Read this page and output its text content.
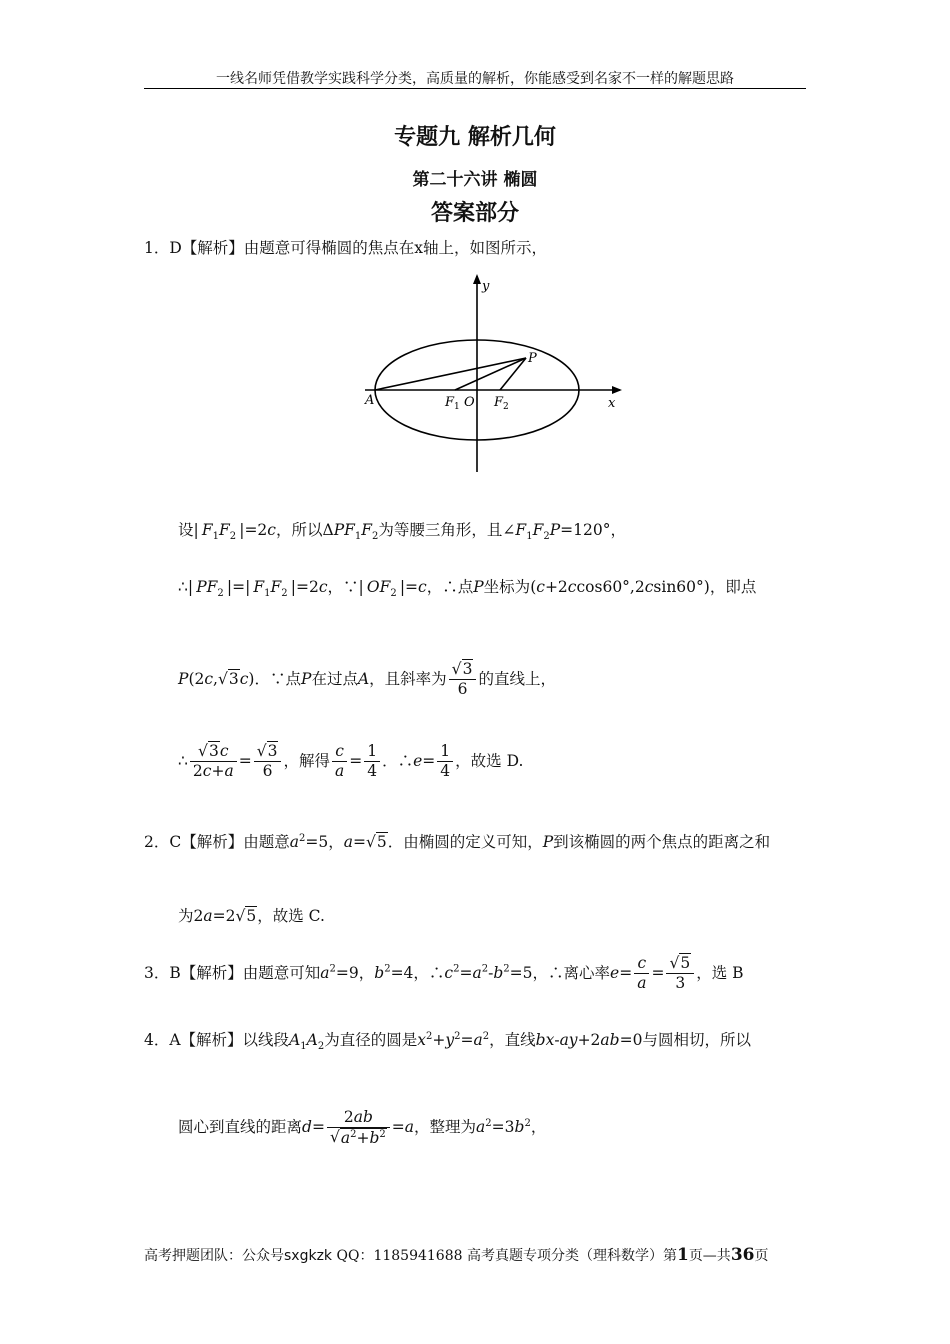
一线名师凭借教学实践科学分类，高质量的解析，你能感受到名家不一样的解题思路
专题九 解析几何
第二十六讲 椭圆
答案部分
1．D【解析】由题意可得椭圆的焦点在x轴上，如图所示，
y
x
A
P
F 1 O F 2
设| $F_1F_2$ |=2c，所以$\Delta PF_1F_2$为等腰三角形，且$\angle F_1F_2P=120^\circ$，
∴| $PF_2$ |=| $F_1F_2$ |=2c，∵| $OF_2$ |=c，∴点P坐标为(c+2ccos60°,2csin60°)，即点
P(2c,√3c)．∵点P在过点A，且斜率为 $\frac{√3}{6}$ 的直线上，
∴ $\frac{√3c}{2c+a} = \frac{√3}{6}$ ，解得 $\frac{c}{a} = \frac{1}{4}$ ．∴e= $\frac{1}{4}$ ，故选 D.
2．C【解析】由题意$a^2=5$，a=√5．由椭圆的定义可知，P到该椭圆的两个焦点的距离之和
为2a=2√5，故选 C.
3．B【解析】由题意可知$a^2=9$，$b^2=4$，$\therefore c^2=a^2-b^2=5$，∴离心率$e= \frac{c}{a} = \frac{√5}{3}$ ，选 B
4．A【解析】以线段$A_1A_2$为直径的圆是$x^2+y^2=a^2$，直线bx-ay+2ab=0与圆相切，所以
圆心到直线的距离$d= \frac{2ab}{√a^2+b^2} =a$，整理为$a^2=3b^2$，
高考押题团队：公众号sxgkzk QQ：1185941688 高考真题专项分类（理科数学）第1页—共36页
